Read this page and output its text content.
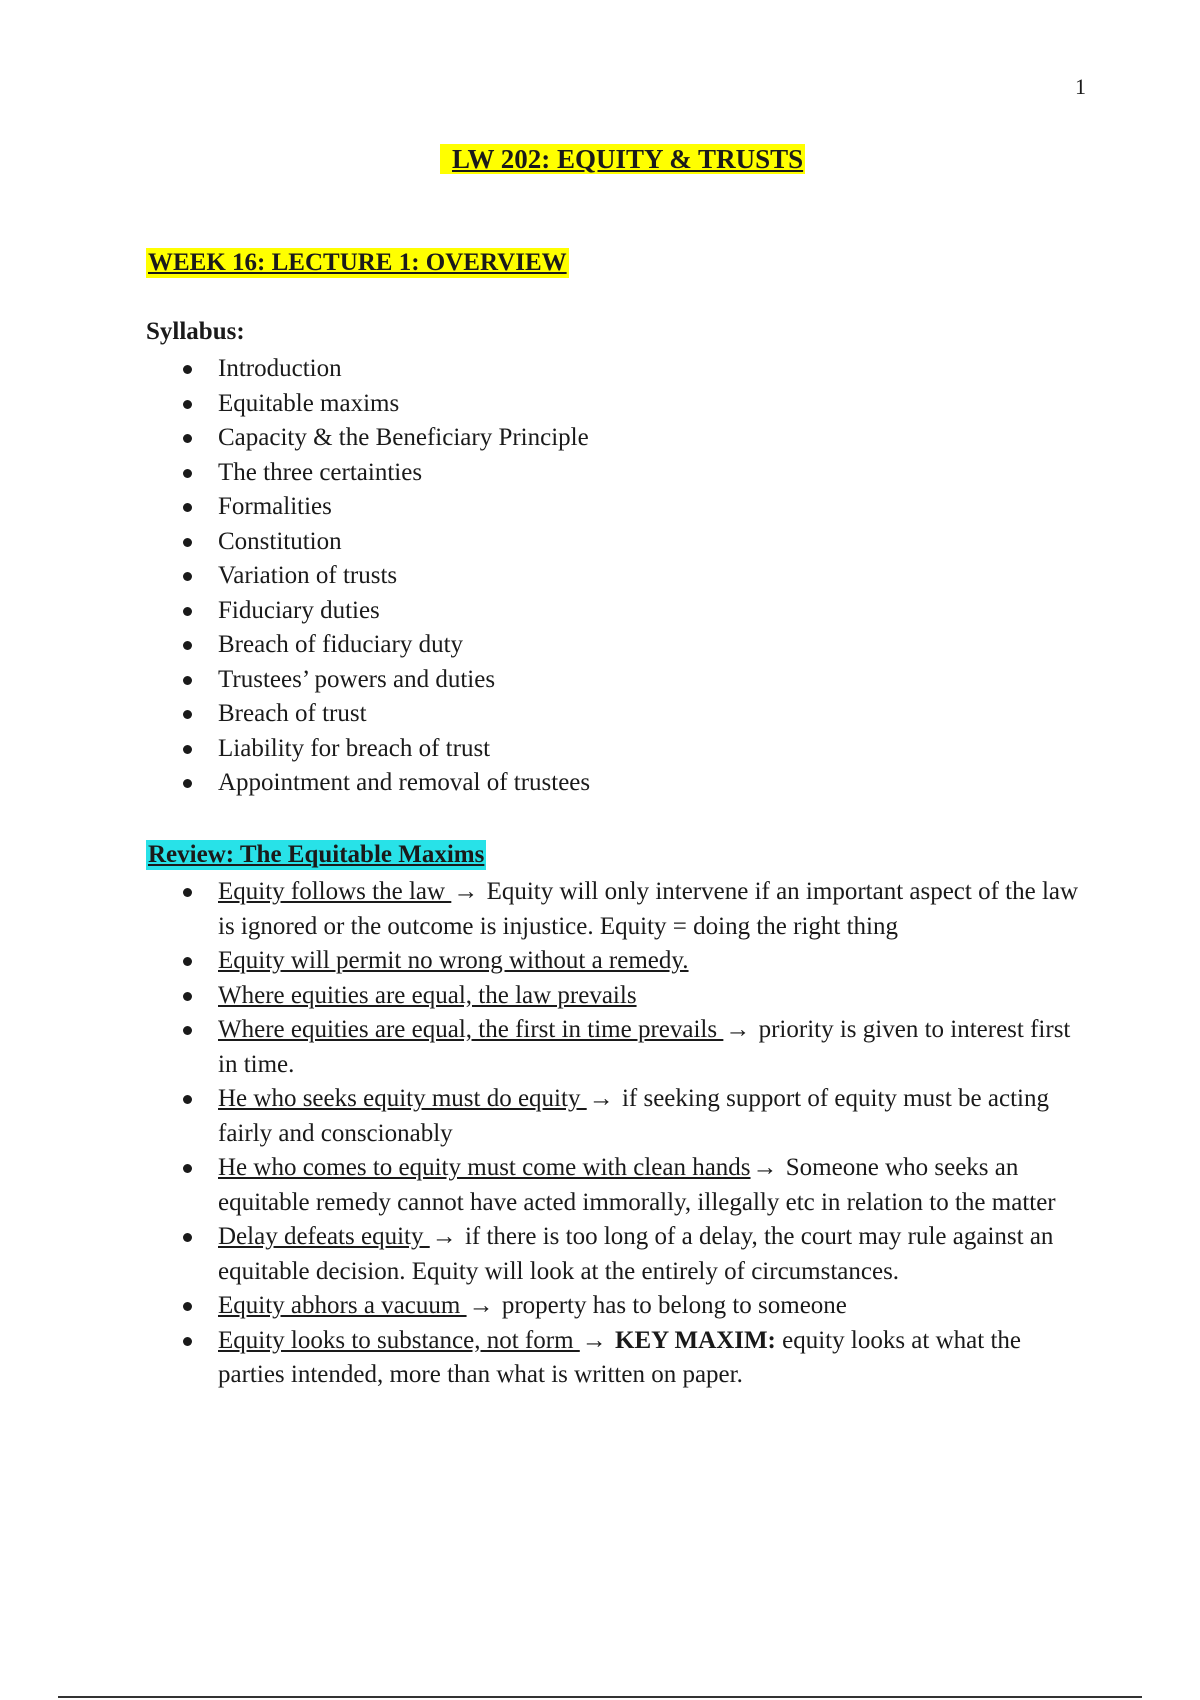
1
LW 202: EQUITY & TRUSTS
WEEK 16: LECTURE 1: OVERVIEW
Syllabus:
Introduction
Equitable maxims
Capacity & the Beneficiary Principle
The three certainties
Formalities
Constitution
Variation of trusts
Fiduciary duties
Breach of fiduciary duty
Trustees’ powers and duties
Breach of trust
Liability for breach of trust
Appointment and removal of trustees
Review: The Equitable Maxims
Equity follows the law → Equity will only intervene if an important aspect of the law is ignored or the outcome is injustice. Equity = doing the right thing
Equity will permit no wrong without a remedy.
Where equities are equal, the law prevails
Where equities are equal, the first in time prevails → priority is given to interest first in time.
He who seeks equity must do equity → if seeking support of equity must be acting fairly and conscionably
He who comes to equity must come with clean hands→ Someone who seeks an equitable remedy cannot have acted immorally, illegally etc in relation to the matter
Delay defeats equity → if there is too long of a delay, the court may rule against an equitable decision. Equity will look at the entirely of circumstances.
Equity abhors a vacuum → property has to belong to someone
Equity looks to substance, not form → KEY MAXIM: equity looks at what the parties intended, more than what is written on paper.
